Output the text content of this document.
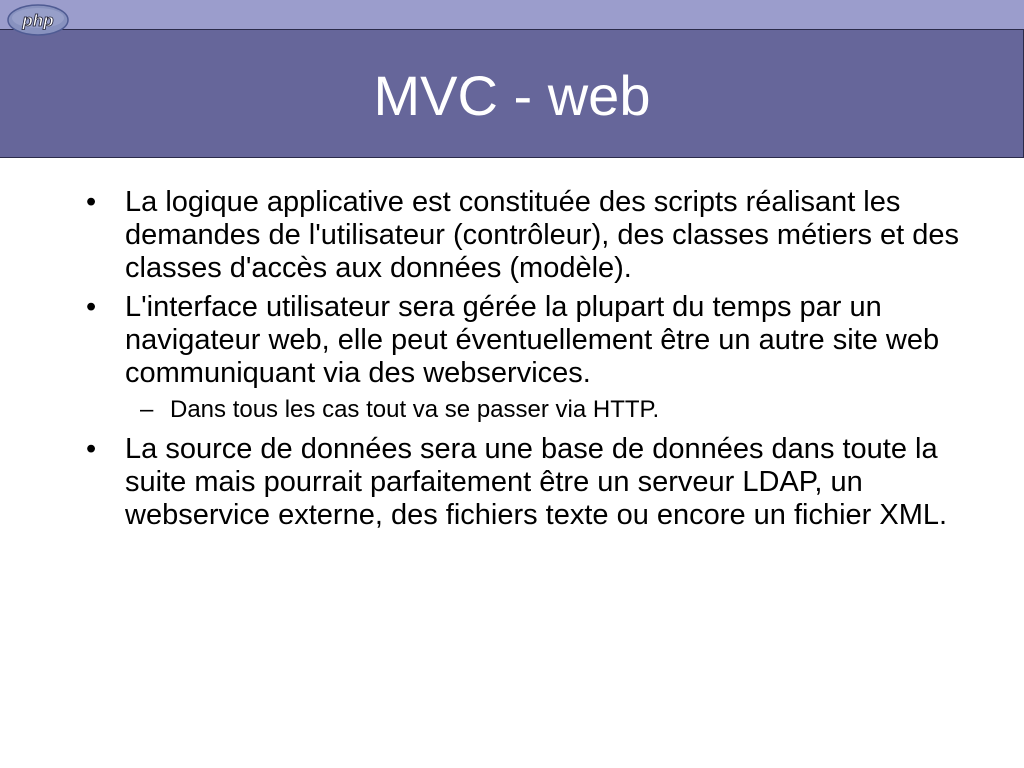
php
MVC - web
• La logique applicative est constituée des scripts réalisant les demandes de l'utilisateur (contrôleur), des classes métiers et des classes d'accès aux données (modèle).
• L'interface utilisateur sera gérée la plupart du temps par un navigateur web, elle peut éventuellement être un autre site web communiquant via des webservices.
– Dans tous les cas tout va se passer via HTTP.
• La source de données sera une base de données dans toute la suite mais pourrait parfaitement être un serveur LDAP, un webservice externe, des fichiers texte ou encore un fichier XML.
